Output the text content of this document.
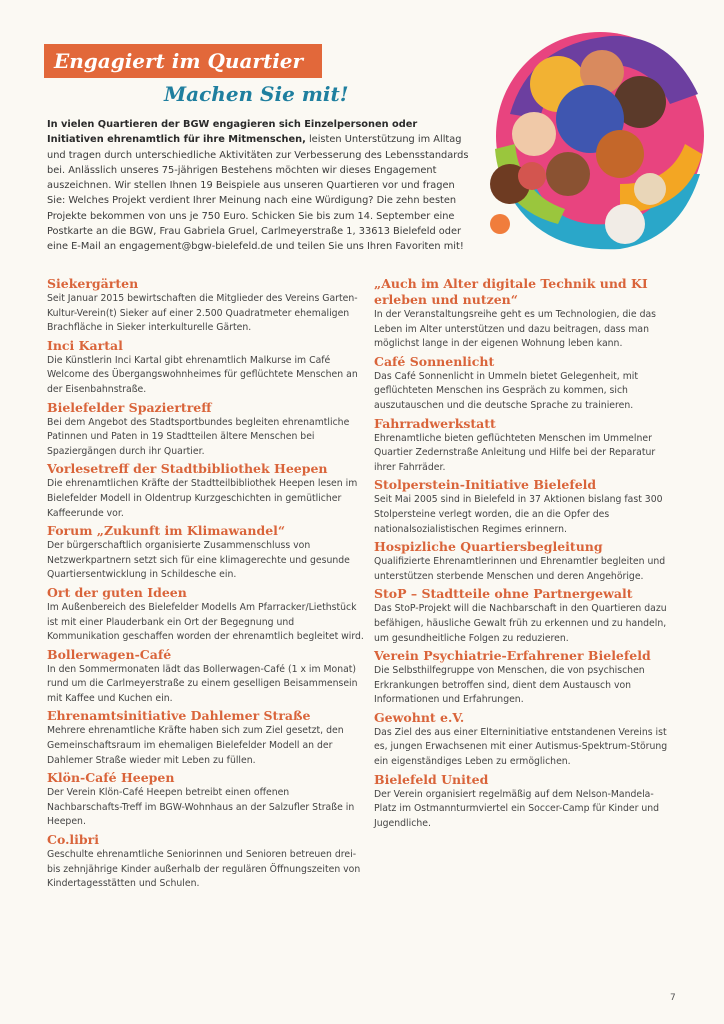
Engagiert im Quartier
Machen Sie mit!
In vielen Quartieren der BGW engagieren sich Einzelpersonen oder Initiativen ehrenamtlich für ihre Mitmenschen, leisten Unterstützung im Alltag und tragen durch unterschiedliche Aktivitäten zur Verbesserung des Lebensstandards bei. Anlässlich unseres 75-jährigen Bestehens möchten wir dieses Engagement auszeichnen. Wir stellen Ihnen 19 Beispiele aus unseren Quartieren vor und fragen Sie: Welches Projekt verdient Ihrer Meinung nach eine Würdigung? Die zehn besten Projekte bekommen von uns je 750 Euro. Schicken Sie bis zum 14. September eine Postkarte an die BGW, Frau Gabriela Gruel, Carlmeyerstraße 1, 33613 Bielefeld oder eine E-Mail an engagement@bgw-bielefeld.de und teilen Sie uns Ihren Favoriten mit!
Siekergärten

Seit Januar 2015 bewirtschaften die Mitglieder des Vereins Garten-Kultur-Verein(t) Sieker auf einer 2.500 Quadratmeter ehemaligen Brachfläche in Sieker interkulturelle Gärten.

Inci Kartal

Die Künstlerin Inci Kartal gibt ehrenamtlich Malkurse im Café Welcome des Übergangswohnheimes für geflüchtete Menschen an der Eisenbahnstraße.

Bielefelder Spaziertreff

Bei dem Angebot des Stadtsportbundes begleiten ehrenamtliche Patinnen und Paten in 19 Stadtteilen ältere Menschen bei Spaziergängen durch ihr Quartier.

Vorlesetreff der Stadtbibliothek Heepen

Die ehrenamtlichen Kräfte der Stadtteilbibliothek Heepen lesen im Bielefelder Modell in Oldentrup Kurzgeschichten in gemütlicher Kaffeerunde vor.

Forum „Zukunft im Klimawandel“

Der bürgerschaftlich organisierte Zusammenschluss von Netzwerkpartnern setzt sich für eine klimagerechte und gesunde Quartiersentwicklung in Schildesche ein.

Ort der guten Ideen

Im Außenbereich des Bielefelder Modells Am Pfarracker/Liethstück ist mit einer Plauderbank ein Ort der Begegnung und Kommunikation geschaffen worden der ehrenamtlich begleitet wird.

Bollerwagen-Café

In den Sommermonaten lädt das Bollerwagen-Café (1 x im Monat) rund um die Carlmeyerstraße zu einem geselligen Beisammensein mit Kaffee und Kuchen ein.

Ehrenamtsinitiative Dahlemer Straße

Mehrere ehrenamtliche Kräfte haben sich zum Ziel gesetzt, den Gemeinschaftsraum im ehemaligen Bielefelder Modell an der Dahlemer Straße wieder mit Leben zu füllen.

Klön-Café Heepen

Der Verein Klön-Café Heepen betreibt einen offenen Nachbarschafts-Treff im BGW-Wohnhaus an der Salzufler Straße in Heepen.

Co.libri

Geschulte ehrenamtliche Seniorinnen und Senioren betreuen drei- bis zehnjährige Kinder außerhalb der regulären Öffnungszeiten von Kindertagesstätten und Schulen.

„Auch im Alter digitale Technik und KI erleben und nutzen“

In der Veranstaltungsreihe geht es um Technologien, die das Leben im Alter unterstützen und dazu beitragen, dass man möglichst lange in der eigenen Wohnung leben kann.

Café Sonnenlicht

Das Café Sonnenlicht in Ummeln bietet Gelegenheit, mit geflüchteten Menschen ins Gespräch zu kommen, sich auszutauschen und die deutsche Sprache zu trainieren.

Fahrradwerkstatt

Ehrenamtliche bieten geflüchteten Menschen im Ummelner Quartier Zedernstraße Anleitung und Hilfe bei der Reparatur ihrer Fahrräder.

Stolperstein-Initiative Bielefeld

Seit Mai 2005 sind in Bielefeld in 37 Aktionen bislang fast 300 Stolpersteine verlegt worden, die an die Opfer des nationalsozialistischen Regimes erinnern.

Hospizliche Quartiersbegleitung

Qualifizierte Ehrenamtlerinnen und Ehrenamtler begleiten und unterstützen sterbende Menschen und deren Angehörige.

StoP – Stadtteile ohne Partnergewalt

Das StoP-Projekt will die Nachbarschaft in den Quartieren dazu befähigen, häusliche Gewalt früh zu erkennen und zu handeln, um gesundheitliche Folgen zu reduzieren.

Verein Psychiatrie-Erfahrener Bielefeld

Die Selbsthilfegruppe von Menschen, die von psychischen Erkrankungen betroffen sind, dient dem Austausch von Informationen und Erfahrungen.

Gewohnt e.V.

Das Ziel des aus einer Elterninitiative entstandenen Vereins ist es, jungen Erwachsenen mit einer Autismus-Spektrum-Störung ein eigenständiges Leben zu ermöglichen.

Bielefeld United

Der Verein organisiert regelmäßig auf dem Nelson-Mandela-Platz im Ostmannturmviertel ein Soccer-Camp für Kinder und Jugendliche.

7
